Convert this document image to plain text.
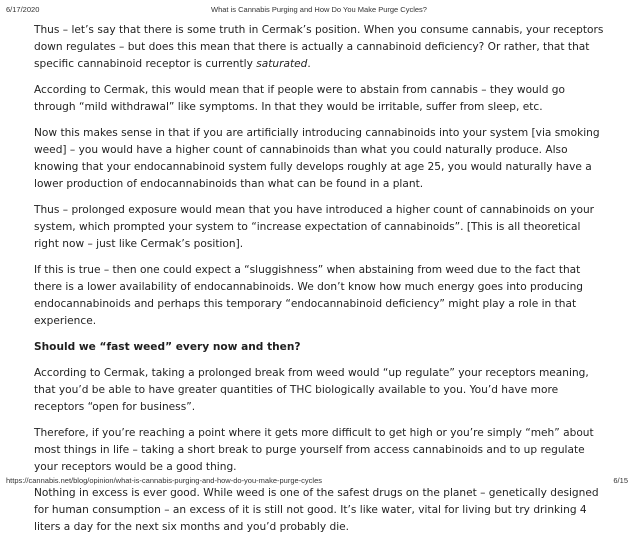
6/17/2020	What is Cannabis Purging and How Do You Make Purge Cycles?

Thus – let’s say that there is some truth in Cermak’s position. When you consume cannabis, your receptors down regulates – but does this mean that there is actually a cannabinoid deficiency? Or rather, that that specific cannabinoid receptor is currently saturated.

According to Cermak, this would mean that if people were to abstain from cannabis – they would go through “mild withdrawal” like symptoms. In that they would be irritable, suffer from sleep, etc.

Now this makes sense in that if you are artificially introducing cannabinoids into your system [via smoking weed] – you would have a higher count of cannabinoids than what you could naturally produce. Also knowing that your endocannabinoid system fully develops roughly at age 25, you would naturally have a lower production of endocannabinoids than what can be found in a plant.

Thus – prolonged exposure would mean that you have introduced a higher count of cannabinoids on your system, which prompted your system to “increase expectation of cannabinoids”. [This is all theoretical right now – just like Cermak’s position].

If this is true – then one could expect a “sluggishness” when abstaining from weed due to the fact that there is a lower availability of endocannabinoids. We don’t know how much energy goes into producing endocannabinoids and perhaps this temporary “endocannabinoid deficiency” might play a role in that experience.

Should we “fast weed” every now and then?

According to Cermak, taking a prolonged break from weed would “up regulate” your receptors meaning, that you’d be able to have greater quantities of THC biologically available to you. You’d have more receptors “open for business”.

Therefore, if you’re reaching a point where it gets more difficult to get high or you’re simply “meh” about most things in life – taking a short break to purge yourself from access cannabinoids and to up regulate your receptors would be a good thing.

Nothing in excess is ever good. While weed is one of the safest drugs on the planet – genetically designed for human consumption – an excess of it is still not good. It’s like water, vital for living but try drinking 4 liters a day for the next six months and you’d probably die.

https://cannabis.net/blog/opinion/what-is-cannabis-purging-and-how-do-you-make-purge-cycles	6/15
